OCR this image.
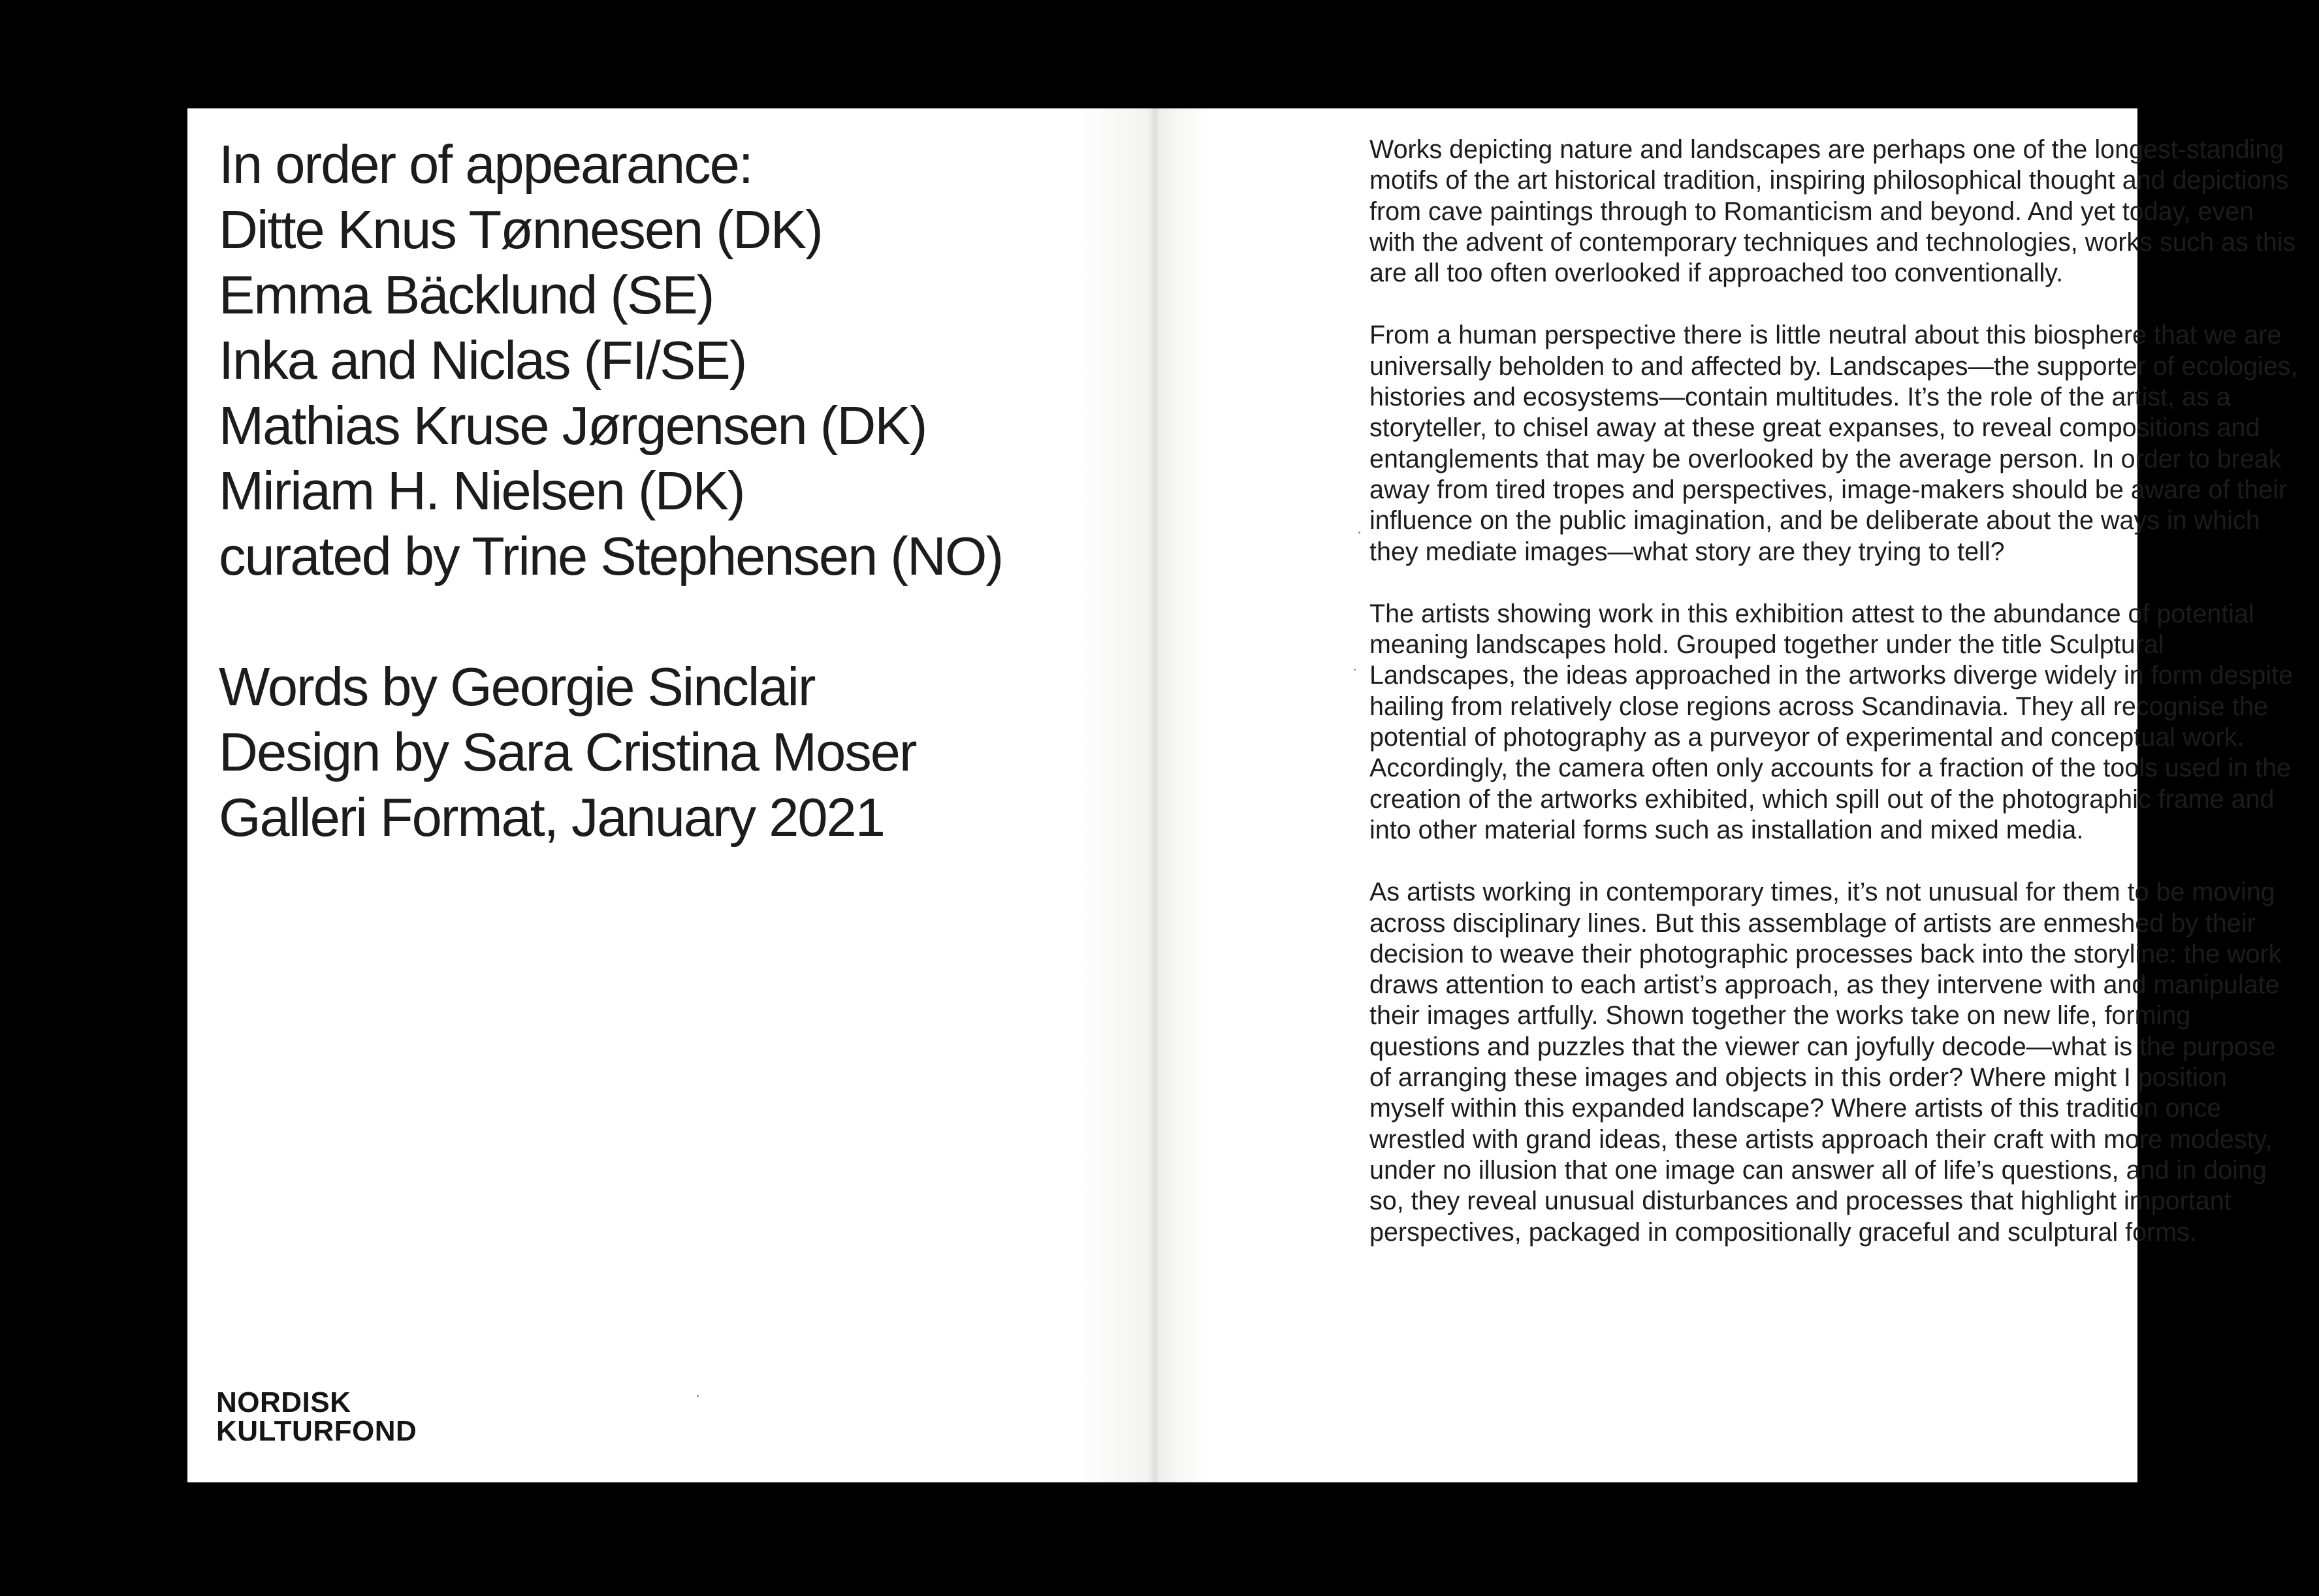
In order of appearance:

Ditte Knus Tønnesen (DK)

Emma Bäcklund (SE)

Inka and Niclas (FI/SE)

Mathias Kruse Jørgensen (DK)

Miriam H. Nielsen (DK)

curated by Trine Stephensen (NO)

Words by Georgie Sinclair

Design by Sara Cristina Moser

Galleri Format, January 2021

NORDISK
KULTURFOND

Works depicting nature and landscapes are perhaps one of the longest-standing motifs of the art historical tradition, inspiring philosophical thought and depictions from cave paintings through to Romanticism and beyond. And yet today, even with the advent of contemporary techniques and technologies, works such as this are all too often overlooked if approached too conventionally.

From a human perspective there is little neutral about this biosphere that we are universally beholden to and affected by. Landscapes—the supporter of ecologies, histories and ecosystems—contain multitudes. It’s the role of the artist, as a storyteller, to chisel away at these great expanses, to reveal compositions and entanglements that may be overlooked by the average person. In order to break away from tired tropes and perspectives, image-makers should be aware of their influence on the public imagination, and be deliberate about the ways in which they mediate images—what story are they trying to tell?

The artists showing work in this exhibition attest to the abundance of potential meaning landscapes hold. Grouped together under the title Sculptural Landscapes, the ideas approached in the artworks diverge widely in form despite hailing from relatively close regions across Scandinavia. They all recognise the potential of photography as a purveyor of experimental and conceptual work. Accordingly, the camera often only accounts for a fraction of the tools used in the creation of the artworks exhibited, which spill out of the photographic frame and into other material forms such as installation and mixed media.

As artists working in contemporary times, it’s not unusual for them to be moving across disciplinary lines. But this assemblage of artists are enmeshed by their decision to weave their photographic processes back into the storyline: the work draws attention to each artist’s approach, as they intervene with and manipulate their images artfully. Shown together the works take on new life, forming questions and puzzles that the viewer can joyfully decode—what is the purpose of arranging these images and objects in this order? Where might I position myself within this expanded landscape? Where artists of this tradition once wrestled with grand ideas, these artists approach their craft with more modesty, under no illusion that one image can answer all of life’s questions, and in doing so, they reveal unusual disturbances and processes that highlight important perspectives, packaged in compositionally graceful and sculptural forms.
